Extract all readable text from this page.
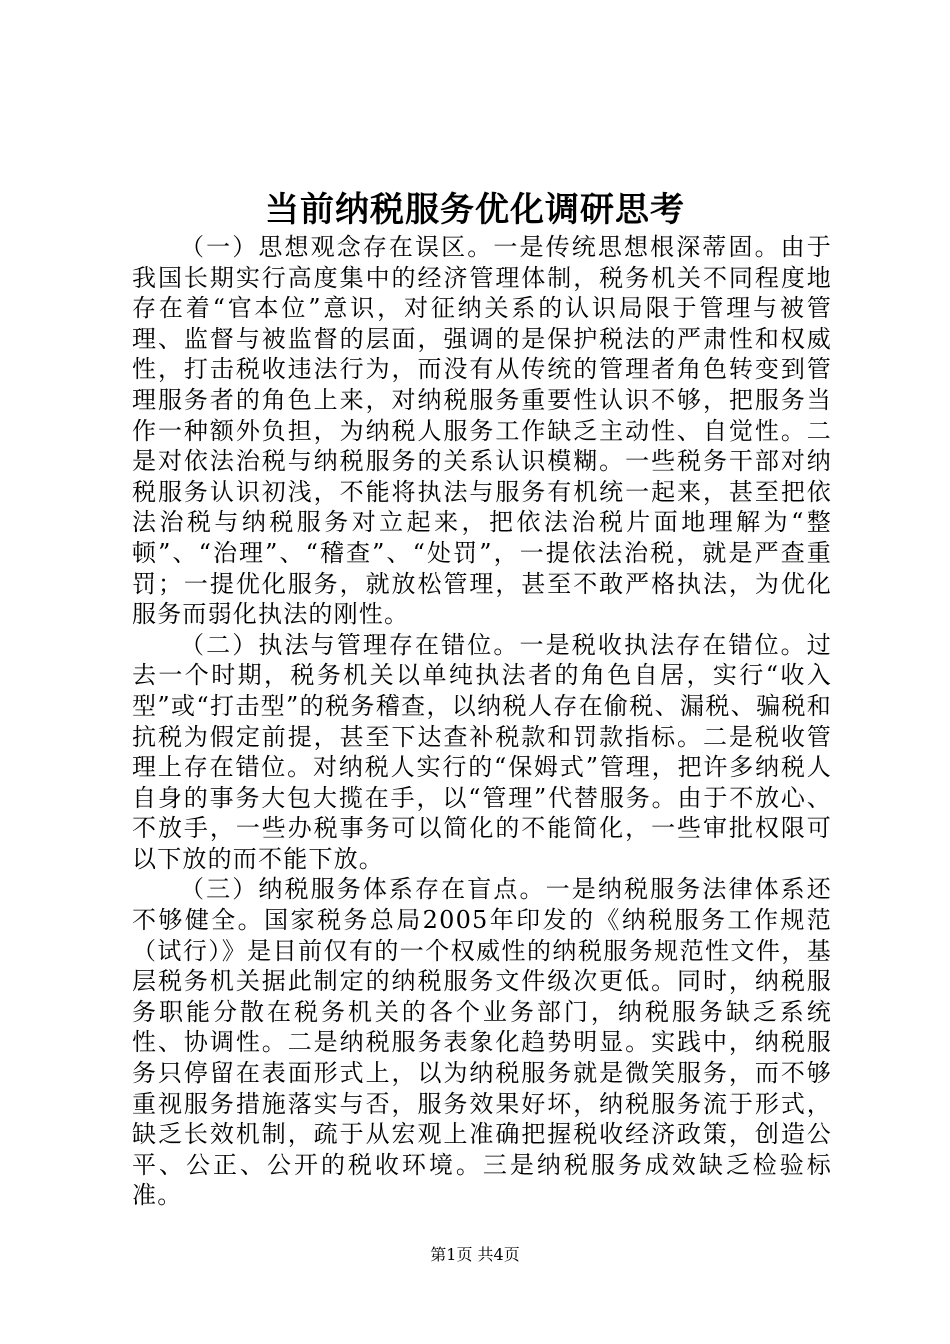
当前纳税服务优化调研思考

（一）思想观念存在误区。一是传统思想根深蒂固。由于我国长期实行高度集中的经济管理体制，税务机关不同程度地存在着“官本位”意识，对征纳关系的认识局限于管理与被管理、监督与被监督的层面，强调的是保护税法的严肃性和权威性，打击税收违法行为，而没有从传统的管理者角色转变到管理服务者的角色上来，对纳税服务重要性认识不够，把服务当作一种额外负担，为纳税人服务工作缺乏主动性、自觉性。二是对依法治税与纳税服务的关系认识模糊。一些税务干部对纳税服务认识初浅，不能将执法与服务有机统一起来，甚至把依法治税与纳税服务对立起来，把依法治税片面地理解为“整顿”、“治理”、“稽查”、“处罚”，一提依法治税，就是严查重罚；一提优化服务，就放松管理，甚至不敢严格执法，为优化服务而弱化执法的刚性。

（二）执法与管理存在错位。一是税收执法存在错位。过去一个时期，税务机关以单纯执法者的角色自居，实行“收入型”或“打击型”的税务稽查，以纳税人存在偷税、漏税、骗税和抗税为假定前提，甚至下达查补税款和罚款指标。二是税收管理上存在错位。对纳税人实行的“保姆式”管理，把许多纳税人自身的事务大包大揽在手，以“管理”代替服务。由于不放心、不放手，一些办税事务可以简化的不能简化，一些审批权限可以下放的而不能下放。

（三）纳税服务体系存在盲点。一是纳税服务法律体系还不够健全。国家税务总局2005年印发的《纳税服务工作规范（试行）》是目前仅有的一个权威性的纳税服务规范性文件，基层税务机关据此制定的纳税服务文件级次更低。同时，纳税服务职能分散在税务机关的各个业务部门，纳税服务缺乏系统性、协调性。二是纳税服务表象化趋势明显。实践中，纳税服务只停留在表面形式上，以为纳税服务就是微笑服务，而不够重视服务措施落实与否，服务效果好坏，纳税服务流于形式，缺乏长效机制，疏于从宏观上准确把握税收经济政策，创造公平、公正、公开的税收环境。三是纳税服务成效缺乏检验标准。

第1页 共4页
